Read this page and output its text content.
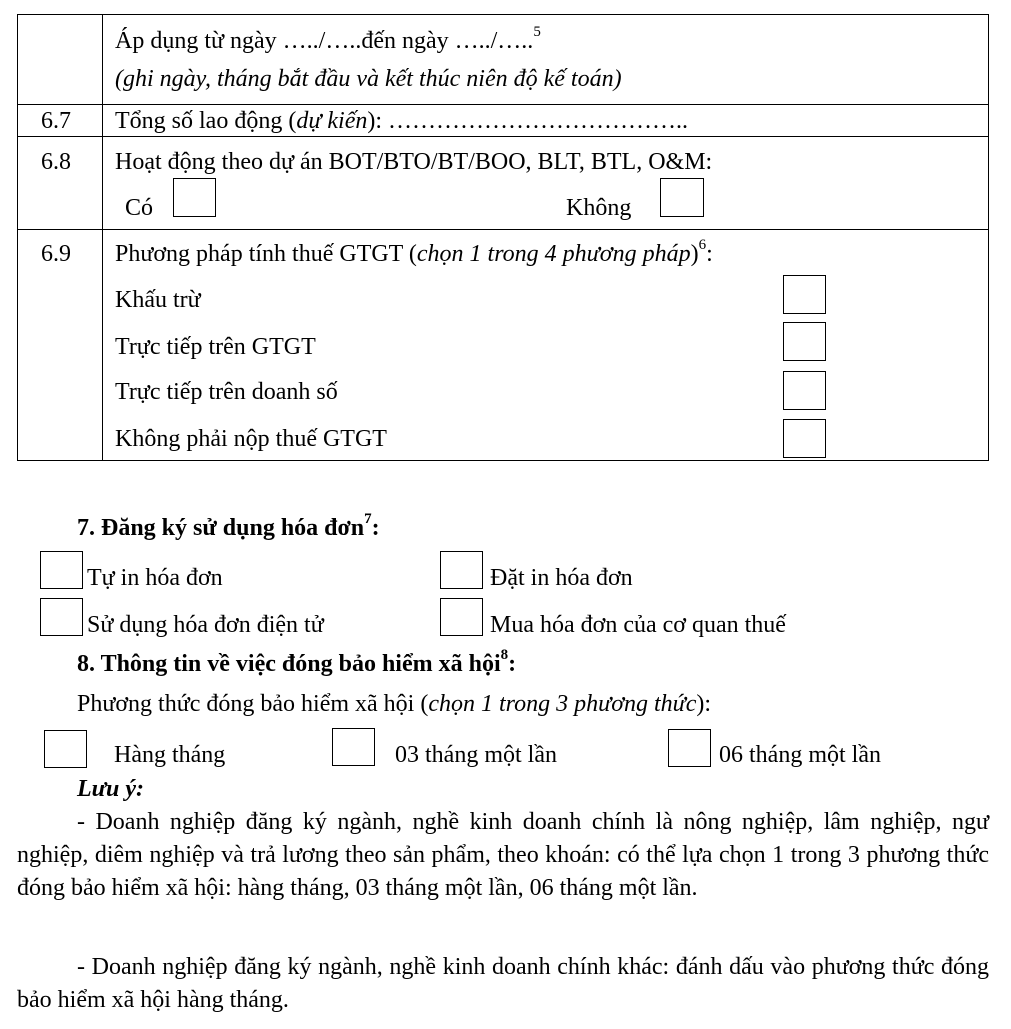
Áp dụng từ ngày …../…..đến ngày …../…..$^5$
(ghi ngày, tháng bắt đầu và kết thúc niên độ kế toán)
6.7 Tổng số lao động (dự kiến): ………………………………..
6.8 Hoạt động theo dự án BOT/BTO/BT/BOO, BLT, BTL, O&M:
Có	Không
6.9 Phương pháp tính thuế GTGT (chọn 1 trong 4 phương pháp)$^6$:
Khấu trừ
Trực tiếp trên GTGT
Trực tiếp trên doanh số
Không phải nộp thuế GTGT
7. Đăng ký sử dụng hóa đơn$^7$:
Tự in hóa đơn	Đặt in hóa đơn
Sử dụng hóa đơn điện tử	Mua hóa đơn của cơ quan thuế
8. Thông tin về việc đóng bảo hiểm xã hội$^8$:
Phương thức đóng bảo hiểm xã hội (chọn 1 trong 3 phương thức):
Hàng tháng	03 tháng một lần	06 tháng một lần
Lưu ý:
- Doanh nghiệp đăng ký ngành, nghề kinh doanh chính là nông nghiệp, lâm nghiệp, ngư nghiệp, diêm nghiệp và trả lương theo sản phẩm, theo khoán: có thể lựa chọn 1 trong 3 phương thức đóng bảo hiểm xã hội: hàng tháng, 03 tháng một lần, 06 tháng một lần.
- Doanh nghiệp đăng ký ngành, nghề kinh doanh chính khác: đánh dấu vào phương thức đóng bảo hiểm xã hội hàng tháng.
